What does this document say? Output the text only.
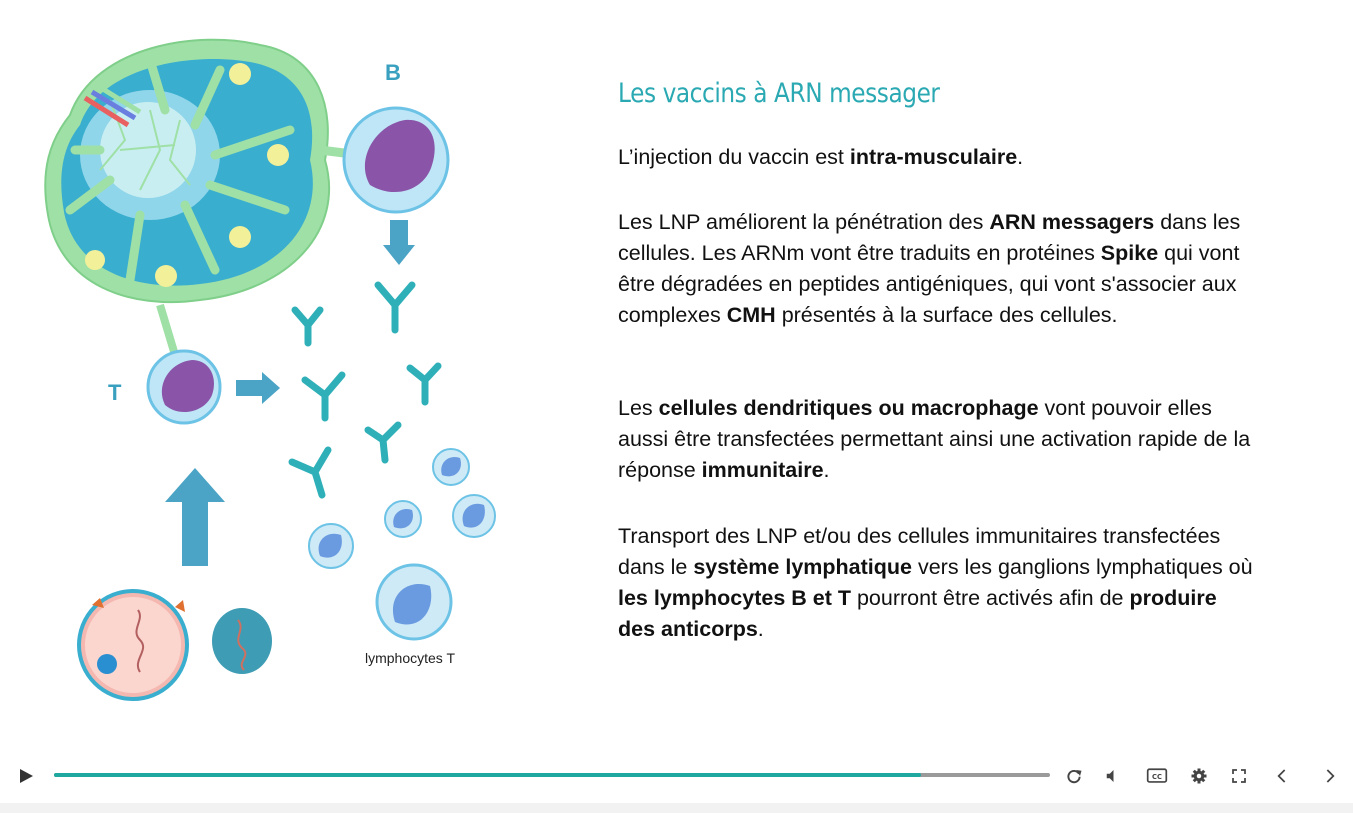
B
T
lymphocytes T
Les vaccins à ARN messager
L’injection du vaccin est intra-musculaire.
Les LNP améliorent la pénétration des ARN messagers dans les cellules. Les ARNm vont être traduits en protéines Spike qui vont être dégradées en peptides antigéniques, qui vont s'associer aux complexes CMH présentés à la surface des cellules.
Les cellules dendritiques ou macrophage vont pouvoir elles aussi être transfectées permettant ainsi une activation rapide de la réponse immunitaire.
Transport des LNP et/ou des cellules immunitaires transfectées dans le système lymphatique vers les ganglions lymphatiques où les lymphocytes B et T pourront être activés afin de produire des anticorps.
CC
